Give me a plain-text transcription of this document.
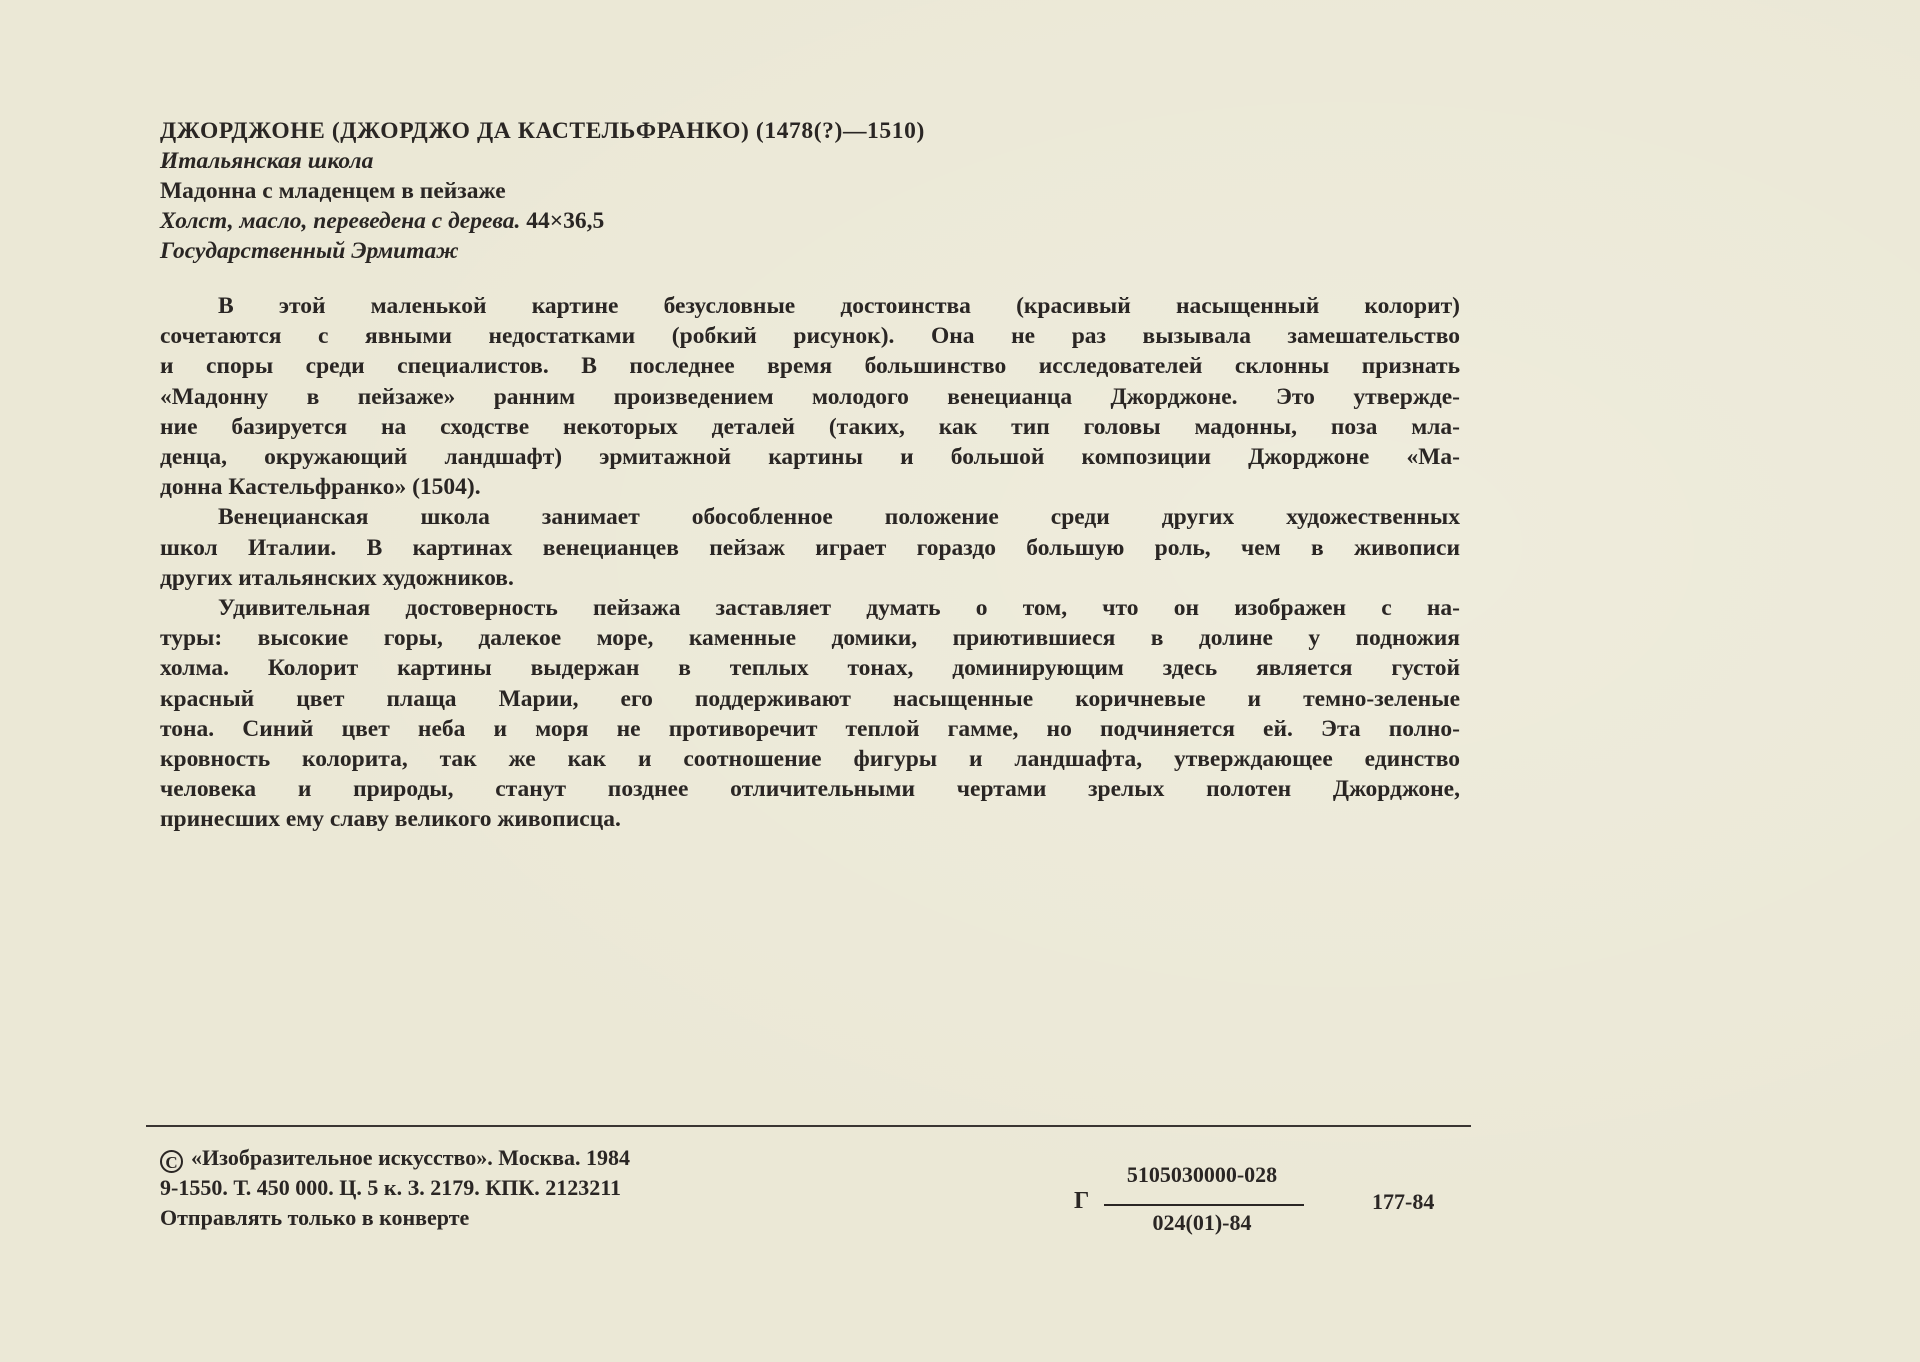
ДЖОРДЖОНЕ (ДЖОРДЖО ДА КАСТЕЛЬФРАНКО) (1478(?)—1510)
Итальянская школа
Мадонна с младенцем в пейзаже
Холст, масло, переведена с дерева. 44×36,5
Государственный Эрмитаж

В этой маленькой картине безусловные достоинства (красивый насыщенный колорит)
сочетаются с явными недостатками (робкий рисунок). Она не раз вызывала замешательство
и споры среди специалистов. В последнее время большинство исследователей склонны признать
«Мадонну в пейзаже» ранним произведением молодого венецианца Джорджоне. Это утвержде-
ние базируется на сходстве некоторых деталей (таких, как тип головы мадонны, поза мла-
денца, окружающий ландшафт) эрмитажной картины и большой композиции Джорджоне «Ма-
донна Кастельфранко» (1504).

Венецианская школа занимает обособленное положение среди других художественных
школ Италии. В картинах венецианцев пейзаж играет гораздо большую роль, чем в живописи
других итальянских художников.

Удивительная достоверность пейзажа заставляет думать о том, что он изображен с на-
туры: высокие горы, далекое море, каменные домики, приютившиеся в долине у подножия
холма. Колорит картины выдержан в теплых тонах, доминирующим здесь является густой
красный цвет плаща Марии, его поддерживают насыщенные коричневые и темно-зеленые
тона. Синий цвет неба и моря не противоречит теплой гамме, но подчиняется ей. Эта полно-
кровность колорита, так же как и соотношение фигуры и ландшафта, утверждающее единство
человека и природы, станут позднее отличительными чертами зрелых полотен Джорджоне,
принесших ему славу великого живописца.

C «Изобразительное искусство». Москва. 1984
9-1550. Т. 450 000. Ц. 5 к. З. 2179. КПК. 2123211
Отправлять только в конверте
Г
5105030000-028
024(01)-84
177-84
